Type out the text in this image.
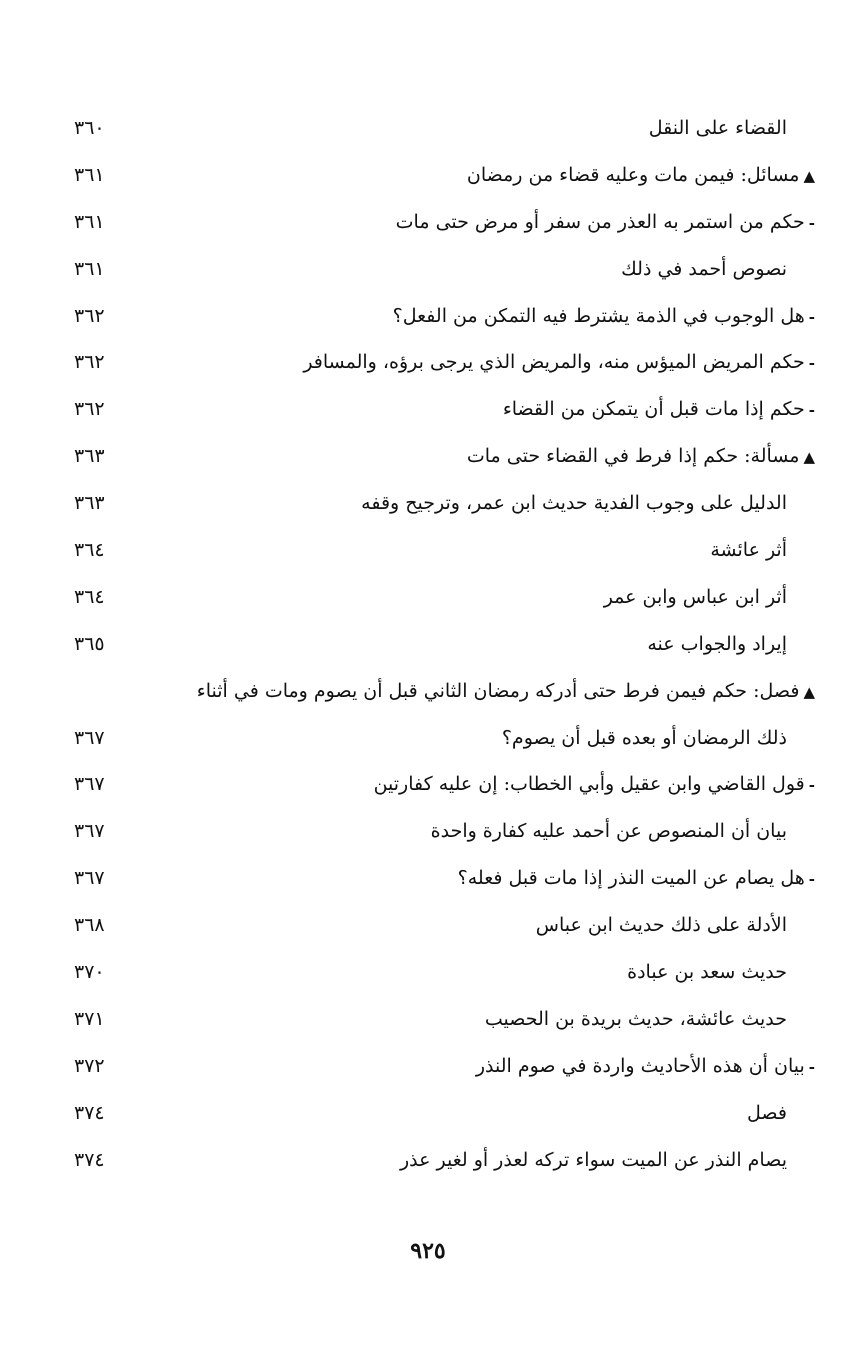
القضاء على النقل
٣٦٠
▲مسائل: فيمن مات وعليه قضاء من رمضان
٣٦١
-حكم من استمر به العذر من سفر أو مرض حتى مات
٣٦١
نصوص أحمد في ذلك
٣٦١
-هل الوجوب في الذمة يشترط فيه التمكن من الفعل؟
٣٦٢
-حكم المريض الميؤس منه، والمريض الذي يرجى برؤه، والمسافر
٣٦٢
-حكم إذا مات قبل أن يتمكن من القضاء
٣٦٢
▲مسألة: حكم إذا فرط في القضاء حتى مات
٣٦٣
الدليل على وجوب الفدية حديث ابن عمر، وترجيح وقفه
٣٦٣
أثر عائشة
٣٦٤
أثر ابن عباس وابن عمر
٣٦٤
إيراد والجواب عنه
٣٦٥
▲فصل: حكم فيمن فرط حتى أدركه رمضان الثاني قبل أن يصوم ومات في أثناء
ذلك الرمضان أو بعده قبل أن يصوم؟
٣٦٧
-قول القاضي وابن عقيل وأبي الخطاب: إن عليه كفارتين
٣٦٧
بيان أن المنصوص عن أحمد عليه كفارة واحدة
٣٦٧
-هل يصام عن الميت النذر إذا مات قبل فعله؟
٣٦٧
الأدلة على ذلك حديث ابن عباس
٣٦٨
حديث سعد بن عبادة
٣٧٠
حديث عائشة، حديث بريدة بن الحصيب
٣٧١
-بيان أن هذه الأحاديث واردة في صوم النذر
٣٧٢
فصل
٣٧٤
يصام النذر عن الميت سواء تركه لعذر أو لغير عذر
٣٧٤
٩٢٥
